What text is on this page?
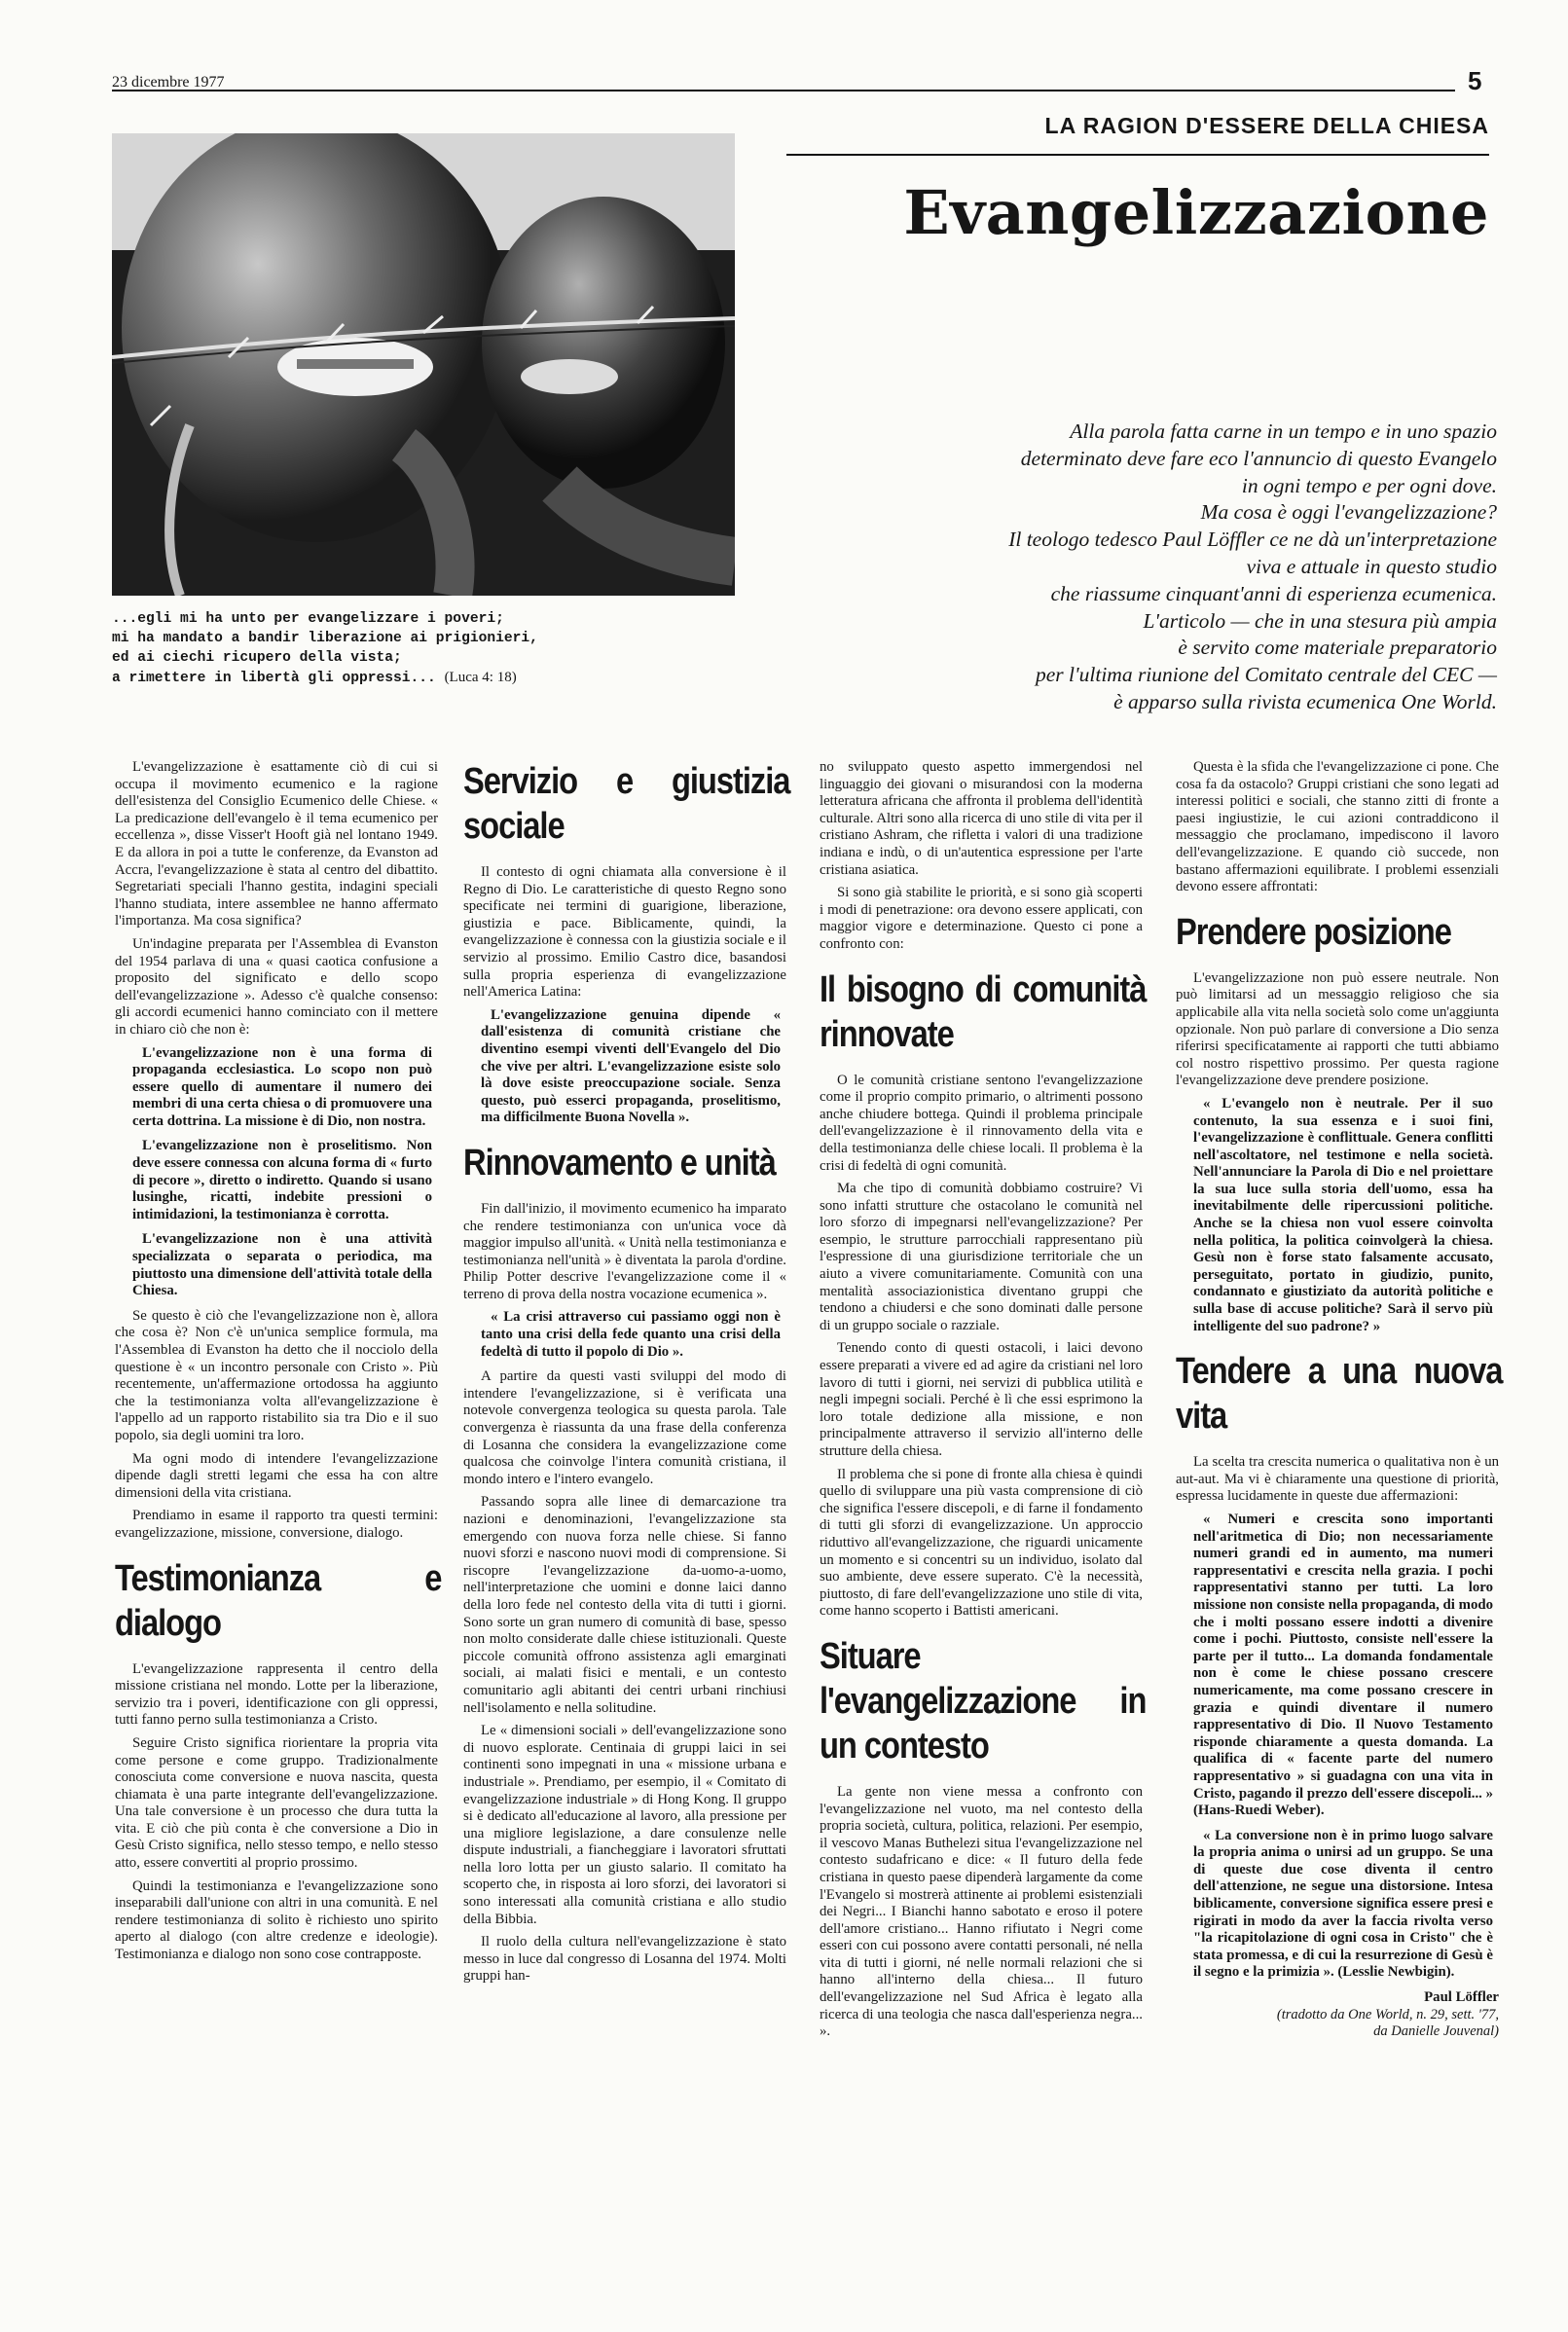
23 dicembre 1977	5
LA RAGION D'ESSERE DELLA CHIESA
Evangelizzazione
...egli mi ha unto per evangelizzare i poveri;
mi ha mandato a bandir liberazione ai prigionieri,
ed ai ciechi ricupero della vista;
a rimettere in libertà gli oppressi... (Luca 4: 18)
Alla parola fatta carne in un tempo e in uno spazio
determinato deve fare eco l'annuncio di questo Evangelo
in ogni tempo e per ogni dove.
Ma cosa è oggi l'evangelizzazione?
Il teologo tedesco Paul Löffler ce ne dà un'interpretazione
viva e attuale in questo studio
che riassume cinquant'anni di esperienza ecumenica.
L'articolo — che in una stesura più ampia
è servito come materiale preparatorio
per l'ultima riunione del Comitato centrale del CEC —
è apparso sulla rivista ecumenica One World.

L'evangelizzazione è esattamente ciò di cui si occupa il movimento ecumenico e la ragione dell'esistenza del Consiglio Ecumenico delle Chiese. « La predicazione dell'evangelo è il tema ecumenico per eccellenza », disse Visser't Hooft già nel lontano 1949. E da allora in poi a tutte le conferenze, da Evanston ad Accra, l'evangelizzazione è stata al centro del dibattito. Segretariati speciali l'hanno gestita, indagini speciali l'hanno studiata, intere assemblee ne hanno affermato l'importanza. Ma cosa significa?

Un'indagine preparata per l'Assemblea di Evanston del 1954 parlava di una « quasi caotica confusione a proposito del significato e dello scopo dell'evangelizzazione ». Adesso c'è qualche consenso: gli accordi ecumenici hanno cominciato con il mettere in chiaro ciò che non è:

L'evangelizzazione non è una forma di propaganda ecclesiastica. Lo scopo non può essere quello di aumentare il numero dei membri di una certa chiesa o di promuovere una certa dottrina. La missione è di Dio, non nostra.

L'evangelizzazione non è proselitismo. Non deve essere connessa con alcuna forma di « furto di pecore », diretto o indiretto. Quando si usano lusinghe, ricatti, indebite pressioni o intimidazioni, la testimonianza è corrotta.

L'evangelizzazione non è una attività specializzata o separata o periodica, ma piuttosto una dimensione dell'attività totale della Chiesa.

Se questo è ciò che l'evangelizzazione non è, allora che cosa è? Non c'è un'unica semplice formula, ma l'Assemblea di Evanston ha detto che il nocciolo della questione è « un incontro personale con Cristo ». Più recentemente, un'affermazione ortodossa ha aggiunto che la testimonianza volta all'evangelizzazione è l'appello ad un rapporto ristabilito sia tra Dio e il suo popolo, sia degli uomini tra loro.

Ma ogni modo di intendere l'evangelizzazione dipende dagli stretti legami che essa ha con altre dimensioni della vita cristiana.

Prendiamo in esame il rapporto tra questi termini: evangelizzazione, missione, conversione, dialogo.

Testimonianza e dialogo

L'evangelizzazione rappresenta il centro della missione cristiana nel mondo. Lotte per la liberazione, servizio tra i poveri, identificazione con gli oppressi, tutti fanno perno sulla testimonianza a Cristo.

Seguire Cristo significa riorientare la propria vita come persone e come gruppo. Tradizionalmente conosciuta come conversione e nuova nascita, questa chiamata è una parte integrante dell'evangelizzazione. Una tale conversione è un processo che dura tutta la vita. E ciò che più conta è che conversione a Dio in Gesù Cristo significa, nello stesso tempo, e nello stesso atto, essere convertiti al proprio prossimo.

Quindi la testimonianza e l'evangelizzazione sono inseparabili dall'unione con altri in una comunità. E nel rendere testimonianza di solito è richiesto uno spirito aperto al dialogo (con altre credenze e ideologie). Testimonianza e dialogo non sono cose contrapposte.

Servizio e giustizia sociale

Il contesto di ogni chiamata alla conversione è il Regno di Dio. Le caratteristiche di questo Regno sono specificate nei termini di guarigione, liberazione, giustizia e pace. Biblicamente, quindi, la evangelizzazione è connessa con la giustizia sociale e il servizio al prossimo. Emilio Castro dice, basandosi sulla propria esperienza di evangelizzazione nell'America Latina:

L'evangelizzazione genuina dipende « dall'esistenza di comunità cristiane che diventino esempi viventi dell'Evangelo del Dio che vive per altri. L'evangelizzazione esiste solo là dove esiste preoccupazione sociale. Senza questo, può esserci propaganda, proselitismo, ma difficilmente Buona Novella ».

Rinnovamento e unità

Fin dall'inizio, il movimento ecumenico ha imparato che rendere testimonianza con un'unica voce dà maggior impulso all'unità. « Unità nella testimonianza e testimonianza nell'unità » è diventata la parola d'ordine. Philip Potter descrive l'evangelizzazione come il « terreno di prova della nostra vocazione ecumenica ».

« La crisi attraverso cui passiamo oggi non è tanto una crisi della fede quanto una crisi della fedeltà di tutto il popolo di Dio ».

A partire da questi vasti sviluppi del modo di intendere l'evangelizzazione, si è verificata una notevole convergenza teologica su questa parola. Tale convergenza è riassunta da una frase della conferenza di Losanna che considera la evangelizzazione come qualcosa che coinvolge l'intera comunità cristiana, il mondo intero e l'intero evangelo.

Passando sopra alle linee di demarcazione tra nazioni e denominazioni, l'evangelizzazione sta emergendo con nuova forza nelle chiese. Si fanno nuovi sforzi e nascono nuovi modi di comprensione. Si riscopre l'evangelizzazione da-uomo-a-uomo, nell'interpretazione che uomini e donne laici danno della loro fede nel contesto della vita di tutti i giorni. Sono sorte un gran numero di comunità di base, spesso non molto considerate dalle chiese istituzionali. Queste piccole comunità offrono assistenza agli emarginati sociali, ai malati fisici e mentali, e un contesto comunitario agli abitanti dei centri urbani rinchiusi nell'isolamento e nella solitudine.

Le « dimensioni sociali » dell'evangelizzazione sono di nuovo esplorate. Centinaia di gruppi laici in sei continenti sono impegnati in una « missione urbana e industriale ». Prendiamo, per esempio, il « Comitato di evangelizzazione industriale » di Hong Kong. Il gruppo si è dedicato all'educazione al lavoro, alla pressione per una migliore legislazione, a dare consulenze nelle dispute industriali, a fiancheggiare i lavoratori sfruttati nella loro lotta per un giusto salario. Il comitato ha scoperto che, in risposta ai loro sforzi, dei lavoratori si sono interessati alla comunità cristiana e allo studio della Bibbia.

Il ruolo della cultura nell'evangelizzazione è stato messo in luce dal congresso di Losanna del 1974. Molti gruppi han-

no sviluppato questo aspetto immergendosi nel linguaggio dei giovani o misurandosi con la moderna letteratura africana che affronta il problema dell'identità culturale. Altri sono alla ricerca di uno stile di vita per il cristiano Ashram, che rifletta i valori di una tradizione indiana e indù, o di un'autentica espressione per l'arte cristiana asiatica.

Si sono già stabilite le priorità, e si sono già scoperti i modi di penetrazione: ora devono essere applicati, con maggior vigore e determinazione. Questo ci pone a confronto con:

Il bisogno di comunità rinnovate

O le comunità cristiane sentono l'evangelizzazione come il proprio compito primario, o altrimenti possono anche chiudere bottega. Quindi il problema principale dell'evangelizzazione è il rinnovamento della vita e della testimonianza delle chiese locali. Il problema è la crisi di fedeltà di ogni comunità.

Ma che tipo di comunità dobbiamo costruire? Vi sono infatti strutture che ostacolano le comunità nel loro sforzo di impegnarsi nell'evangelizzazione? Per esempio, le strutture parrocchiali rappresentano più l'espressione di una giurisdizione territoriale che un aiuto a vivere comunitariamente. Comunità con una mentalità associazionistica diventano gruppi che tendono a chiudersi e che sono dominati dalle persone di un gruppo sociale o razziale.

Tenendo conto di questi ostacoli, i laici devono essere preparati a vivere ed ad agire da cristiani nel loro lavoro di tutti i giorni, nei servizi di pubblica utilità e negli impegni sociali. Perché è lì che essi esprimono la loro totale dedizione alla missione, e non principalmente attraverso il servizio all'interno delle strutture della chiesa.

Il problema che si pone di fronte alla chiesa è quindi quello di sviluppare una più vasta comprensione di ciò che significa l'essere discepoli, e di farne il fondamento di tutti gli sforzi di evangelizzazione. Un approccio riduttivo all'evangelizzazione, che riguardi unicamente un momento e si concentri su un individuo, isolato dal suo ambiente, deve essere superato. C'è la necessità, piuttosto, di fare dell'evangelizzazione uno stile di vita, come hanno scoperto i Battisti americani.

Situare l'evangelizzazione in un contesto

La gente non viene messa a confronto con l'evangelizzazione nel vuoto, ma nel contesto della propria società, cultura, politica, relazioni. Per esempio, il vescovo Manas Buthelezi situa l'evangelizzazione nel contesto sudafricano e dice: « Il futuro della fede cristiana in questo paese dipenderà largamente da come l'Evangelo si mostrerà attinente ai problemi esistenziali dei Negri... I Bianchi hanno sabotato e eroso il potere dell'amore cristiano... Hanno rifiutato i Negri come esseri con cui possono avere contatti personali, né nella vita di tutti i giorni, né nelle normali relazioni che si hanno all'interno della chiesa... Il futuro dell'evangelizzazione nel Sud Africa è legato alla ricerca di una teologia che nasca dall'esperienza negra... ».

Questa è la sfida che l'evangelizzazione ci pone. Che cosa fa da ostacolo? Gruppi cristiani che sono legati ad interessi politici e sociali, che stanno zitti di fronte a paesi ingiustizie, le cui azioni contraddicono il messaggio che proclamano, impediscono il lavoro dell'evangelizzazione. E quando ciò succede, non bastano affermazioni equilibrate. I problemi essenziali devono essere affrontati:

Prendere posizione

L'evangelizzazione non può essere neutrale. Non può limitarsi ad un messaggio religioso che sia applicabile alla vita nella società solo come un'aggiunta opzionale. Non può parlare di conversione a Dio senza riferirsi specificatamente ai rapporti che tutti abbiamo col nostro rispettivo prossimo. Per questa ragione l'evangelizzazione deve prendere posizione.

« L'evangelo non è neutrale. Per il suo contenuto, la sua essenza e i suoi fini, l'evangelizzazione è conflittuale. Genera conflitti nell'ascoltatore, nel testimone e nella società. Nell'annunciare la Parola di Dio e nel proiettare la sua luce sulla storia dell'uomo, essa ha inevitabilmente delle ripercussioni politiche. Anche se la chiesa non vuol essere coinvolta nella politica, la politica coinvolgerà la chiesa. Gesù non è forse stato falsamente accusato, perseguitato, portato in giudizio, punito, condannato e giustiziato da autorità politiche e sulla base di accuse politiche? Sarà il servo più intelligente del suo padrone? »

Tendere a una nuova vita

La scelta tra crescita numerica o qualitativa non è un aut-aut. Ma vi è chiaramente una questione di priorità, espressa lucidamente in queste due affermazioni:

« Numeri e crescita sono importanti nell'aritmetica di Dio; non necessariamente numeri grandi ed in aumento, ma numeri rappresentativi e crescita nella grazia. I pochi rappresentativi stanno per tutti. La loro missione non consiste nella propaganda, di modo che i molti possano essere indotti a divenire come i pochi. Piuttosto, consiste nell'essere la parte per il tutto... La domanda fondamentale non è come le chiese possano crescere numericamente, ma come possano crescere in grazia e quindi diventare il numero rappresentativo di Dio. Il Nuovo Testamento risponde chiaramente a questa domanda. La qualifica di « facente parte del numero rappresentativo » si guadagna con una vita in Cristo, pagando il prezzo dell'essere discepoli... » (Hans-Ruedi Weber).

« La conversione non è in primo luogo salvare la propria anima o unirsi ad un gruppo. Se una di queste due cose diventa il centro dell'attenzione, ne segue una distorsione. Intesa biblicamente, conversione significa essere presi e rigirati in modo da aver la faccia rivolta verso "la ricapitolazione di ogni cosa in Cristo" che è stata promessa, e di cui la resurrezione di Gesù è il segno e la primizia ». (Lesslie Newbigin).

Paul Löffler
(tradotto da One World, n. 29, sett. '77,
da Danielle Jouvenal)
